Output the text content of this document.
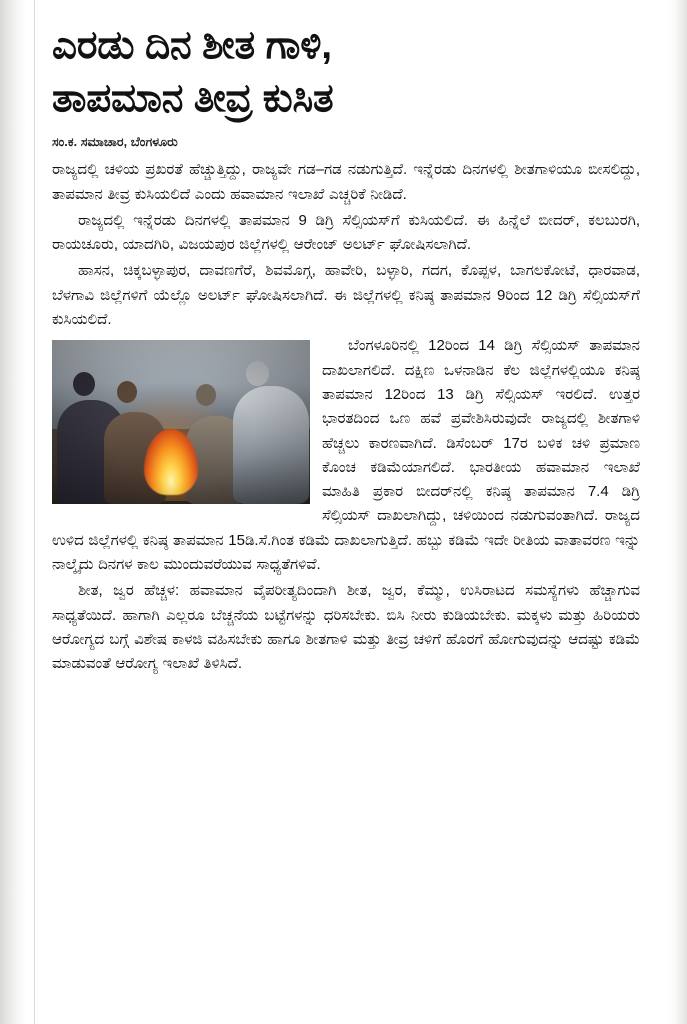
ಎರಡು ದಿನ ಶೀತ ಗಾಳಿ,
ತಾಪಮಾನ ತೀವ್ರ ಕುಸಿತ
ಸಂ.ಕ. ಸಮಾಚಾರ, ಬೆಂಗಳೂರು

ರಾಜ್ಯದಲ್ಲಿ ಚಳಿಯ ಪ್ರಖರತೆ ಹೆಚ್ಚುತ್ತಿದ್ದು, ರಾಜ್ಯವೇ ಗಡ–ಗಡ ನಡುಗುತ್ತಿದೆ. ಇನ್ನೆರಡು ದಿನಗಳಲ್ಲಿ ಶೀತಗಾಳಿಯೂ ಬೀಸಲಿದ್ದು, ತಾಪಮಾನ ತೀವ್ರ ಕುಸಿಯಲಿದೆ ಎಂದು ಹವಾಮಾನ ಇಲಾಖೆ ಎಚ್ಚರಿಕೆ ನೀಡಿದೆ.

ರಾಜ್ಯದಲ್ಲಿ ಇನ್ನೆರಡು ದಿನಗಳಲ್ಲಿ ತಾಪಮಾನ 9 ಡಿಗ್ರಿ ಸೆಲ್ಸಿಯಸ್‌ಗೆ ಕುಸಿಯಲಿದೆ. ಈ ಹಿನ್ನೆಲೆ ಬೀದರ್, ಕಲಬುರಗಿ, ರಾಯಚೂರು, ಯಾದಗಿರಿ, ವಿಜಯಪುರ ಜಿಲ್ಲೆಗಳಲ್ಲಿ ಆರೇಂಜ್ ಅಲರ್ಟ್ ಘೋಷಿಸಲಾಗಿದೆ.

ಹಾಸನ, ಚಿಕ್ಕಬಳ್ಳಾಪುರ, ದಾವಣಗೆರೆ, ಶಿವಮೊಗ್ಗ, ಹಾವೇರಿ, ಬಳ್ಳಾರಿ, ಗದಗ, ಕೊಪ್ಪಳ, ಬಾಗಲಕೋಟೆ, ಧಾರವಾಡ, ಬೆಳಗಾವಿ ಜಿಲ್ಲೆಗಳಿಗೆ ಯೆಲ್ಲೊ ಅಲರ್ಟ್ ಘೋಷಿಸಲಾಗಿದೆ. ಈ ಜಿಲ್ಲೆಗಳಲ್ಲಿ ಕನಿಷ್ಠ ತಾಪಮಾನ 9ರಿಂದ 12 ಡಿಗ್ರಿ ಸೆಲ್ಸಿಯಸ್‌ಗೆ ಕುಸಿಯಲಿದೆ.

ಬೆಂಗಳೂರಿನಲ್ಲಿ 12ರಿಂದ 14 ಡಿಗ್ರಿ ಸೆಲ್ಸಿಯಸ್ ತಾಪಮಾನ ದಾಖಲಾಗಲಿದೆ. ದಕ್ಷಿಣ ಒಳನಾಡಿನ ಕೆಲ ಜಿಲ್ಲೆಗಳಲ್ಲಿಯೂ ಕನಿಷ್ಠ ತಾಪಮಾನ 12ರಿಂದ 13 ಡಿಗ್ರಿ ಸೆಲ್ಸಿಯಸ್ ಇರಲಿದೆ. ಉತ್ತರ ಭಾರತದಿಂದ ಒಣ ಹವೆ ಪ್ರವೇಶಿಸಿರುವುದೇ ರಾಜ್ಯದಲ್ಲಿ ಶೀತಗಾಳಿ ಹೆಚ್ಚಲು ಕಾರಣವಾಗಿದೆ. ಡಿಸೆಂಬರ್ 17ರ ಬಳಿಕ ಚಳಿ ಪ್ರಮಾಣ ಕೊಂಚ ಕಡಿಮೆಯಾಗಲಿದೆ. ಭಾರತೀಯ ಹವಾಮಾನ ಇಲಾಖೆ ಮಾಹಿತಿ ಪ್ರಕಾರ ಬೀದರ್‌ನಲ್ಲಿ ಕನಿಷ್ಠ ತಾಪಮಾನ 7.4 ಡಿಗ್ರಿ ಸೆಲ್ಸಿಯಸ್ ದಾಖಲಾಗಿದ್ದು, ಚಳಿಯಿಂದ ನಡುಗುವಂತಾಗಿದೆ. ರಾಜ್ಯದ ಉಳಿದ ಜಿಲ್ಲೆಗಳಲ್ಲಿ ಕನಿಷ್ಠ ತಾಪಮಾನ 15ಡಿ.ಸೆ.ಗಿಂತ ಕಡಿಮೆ ದಾಖಲಾಗುತ್ತಿದೆ. ಹಬ್ಬು ಕಡಿಮೆ ಇದೇ ರೀತಿಯ ವಾತಾವರಣ ಇನ್ನು ನಾಲ್ಕೈದು ದಿನಗಳ ಕಾಲ ಮುಂದುವರೆಯುವ ಸಾಧ್ಯತೆಗಳಿವೆ.

ಶೀತ, ಜ್ವರ ಹೆಚ್ಚಳ: ಹವಾಮಾನ ವೈಪರೀತ್ಯದಿಂದಾಗಿ ಶೀತ, ಜ್ವರ, ಕೆಮ್ಮು, ಉಸಿರಾಟದ ಸಮಸ್ಯೆಗಳು ಹೆಚ್ಚಾಗುವ ಸಾಧ್ಯತೆಯಿದೆ. ಹಾಗಾಗಿ ಎಲ್ಲರೂ ಬೆಚ್ಚನೆಯ ಬಟ್ಟೆಗಳನ್ನು ಧರಿಸಬೇಕು. ಬಿಸಿ ನೀರು ಕುಡಿಯಬೇಕು. ಮಕ್ಕಳು ಮತ್ತು ಹಿರಿಯರು ಆರೋಗ್ಯದ ಬಗ್ಗೆ ವಿಶೇಷ ಕಾಳಜಿ ವಹಿಸಬೇಕು ಹಾಗೂ ಶೀತಗಾಳಿ ಮತ್ತು ತೀವ್ರ ಚಳಿಗೆ ಹೊರಗೆ ಹೋಗುವುದನ್ನು ಆದಷ್ಟು ಕಡಿಮೆ ಮಾಡುವಂತೆ ಆರೋಗ್ಯ ಇಲಾಖೆ ತಿಳಿಸಿದೆ.
